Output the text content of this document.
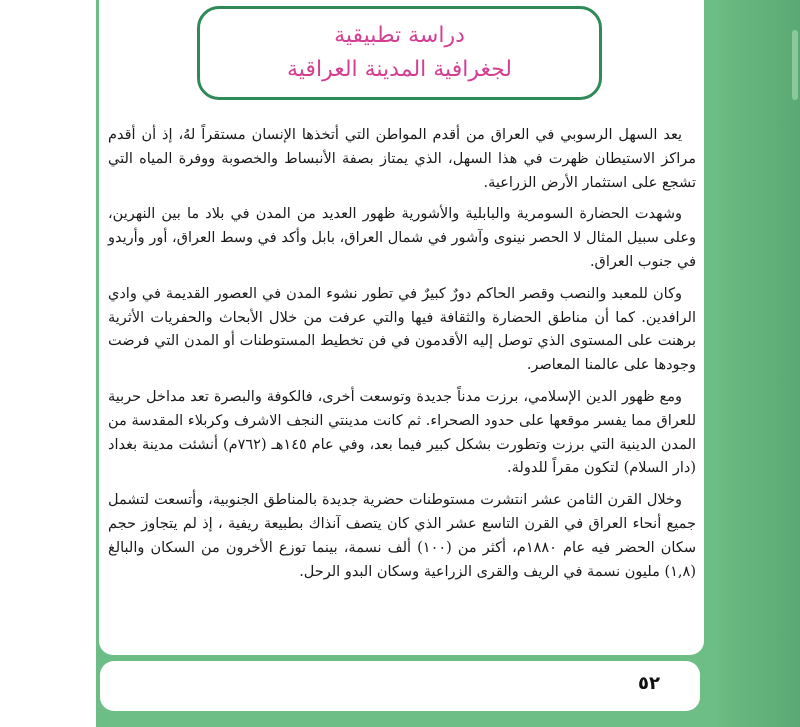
دراسة تطبيقية
لجغرافية المدينة العراقية

يعد السهل الرسوبي في العراق من أقدم المواطن التي أتخذها الإنسان مستقراً لهُ، إذ أن أقدم مراكز الاستيطان ظهرت في هذا السهل، الذي يمتاز بصفة الأنبساط والخصوبة ووفرة المياه التي تشجع على استثمار الأرض الزراعية.

وشهدت الحضارة السومرية والبابلية والأشورية ظهور العديد من المدن في بلاد ما بين النهرين، وعلى سبيل المثال لا الحصر نينوى وآشور في شمال العراق، بابل وأكد في وسط العراق، أور وأريدو في جنوب العراق.

وكان للمعبد والنصب وقصر الحاكم دورٌ كبيرٌ في تطور نشوء المدن في العصور القديمة في وادي الرافدين. كما أن مناطق الحضارة والثقافة فيها والتي عرفت من خلال الأبحاث والحفريات الأثرية برهنت على المستوى الذي توصل إليه الأقدمون في فن تخطيط المستوطنات أو المدن التي فرضت وجودها على عالمنا المعاصر.

ومع ظهور الدين الإسلامي، برزت مدناً جديدة وتوسعت أخرى، فالكوفة والبصرة تعد مداخل حربية للعراق مما يفسر موقعها على حدود الصحراء. ثم كانت مدينتي النجف الاشرف وكربلاء المقدسة من المدن الدينية التي برزت وتطورت بشكل كبير فيما بعد، وفي عام ١٤٥هـ (٧٦٢م) أنشئت مدينة بغداد (دار السلام) لتكون مقراً للدولة.

وخلال القرن الثامن عشر انتشرت مستوطنات حضرية جديدة بالمناطق الجنوبية، وأتسعت لتشمل جميع أنحاء العراق في القرن التاسع عشر الذي كان يتصف آنذاك بطبيعة ريفية ، إذ لم يتجاوز حجم سكان الحضر فيه عام ١٨٨٠م، أكثر من (١٠٠) ألف نسمة، بينما توزع الأخرون من السكان والبالغ (١,٨) مليون نسمة في الريف والقرى الزراعية وسكان البدو الرحل.

٥٢
